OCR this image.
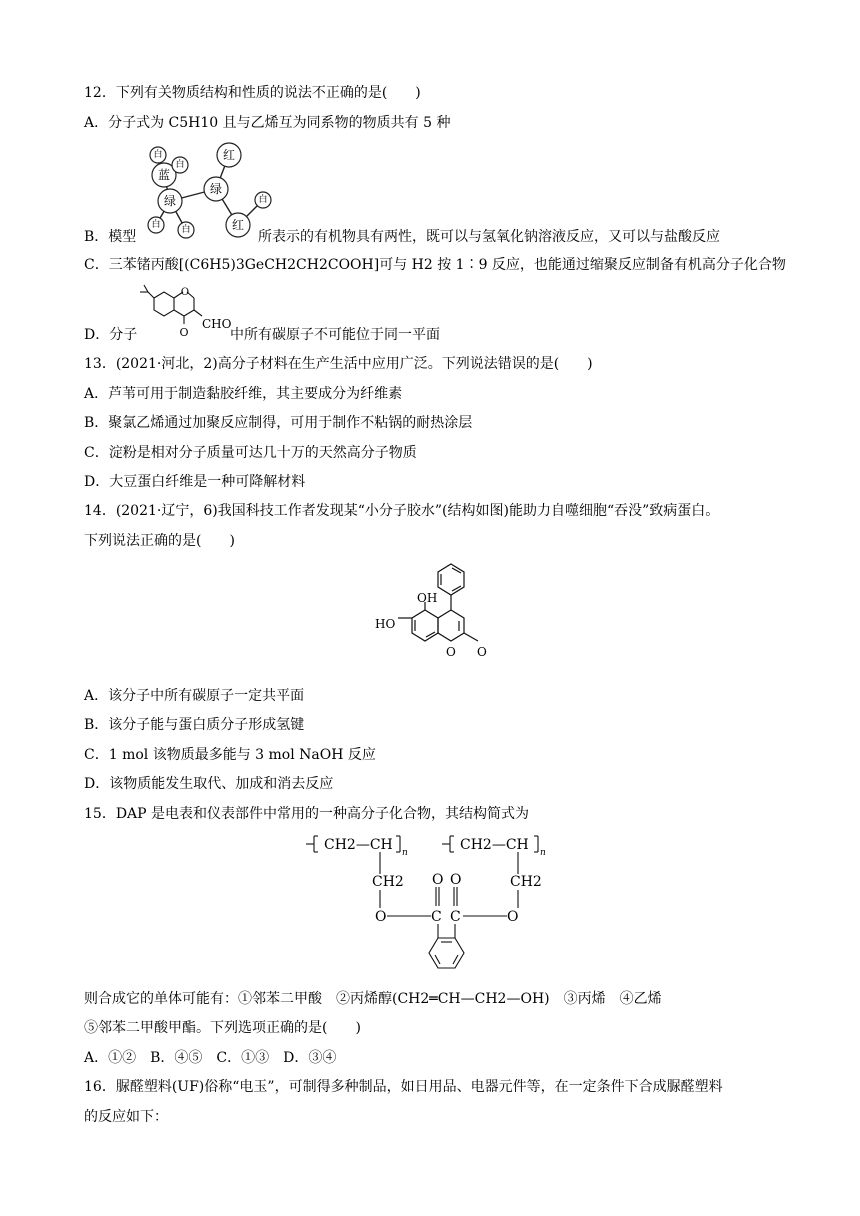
12．下列有关物质结构和性质的说法不正确的是(　　)
A．分子式为 C5H10 且与乙烯互为同系物的物质共有 5 种
蓝
绿
绿
红
红
白
白
白 白
白
B．模型	所表示的有机物具有两性，既可以与氢氧化钠溶液反应，又可以与盐酸反应
C．三苯锗丙酸[(C6H5)3GeCH2CH2COOH]可与 H2 按 1∶9 反应，也能通过缩聚反应制备有机高分子化合物
O
O
CHO
D．分子	中所有碳原子不可能位于同一平面
13．(2021·河北，2)高分子材料在生产生活中应用广泛。下列说法错误的是(　　)
A．芦苇可用于制造黏胶纤维，其主要成分为纤维素
B．聚氯乙烯通过加聚反应制得，可用于制作不粘锅的耐热涂层
C．淀粉是相对分子质量可达几十万的天然高分子物质
D．大豆蛋白纤维是一种可降解材料
14．(2021·辽宁，6)我国科技工作者发现某“小分子胶水”(结构如图)能助力自噬细胞“吞没”致病蛋白。
下列说法正确的是(　　)
OH
HO
O O
A．该分子中所有碳原子一定共平面
B．该分子能与蛋白质分子形成氢键
C．1 mol 该物质最多能与 3 mol NaOH 反应
D．该物质能发生取代、加成和消去反应
15．DAP 是电表和仪表部件中常用的一种高分子化合物，其结构简式为
CH2—CH	CH2—CH
CH2	CH2
O	O
C C
O O
n	n
则合成它的单体可能有：①邻苯二甲酸　②丙烯醇(CH2═CH—CH2—OH)　③丙烯　④乙烯
⑤邻苯二甲酸甲酯。下列选项正确的是(　　)
A．①②　B．④⑤　C．①③　D．③④
16．脲醛塑料(UF)俗称“电玉”，可制得多种制品，如日用品、电器元件等，在一定条件下合成脲醛塑料
的反应如下：
